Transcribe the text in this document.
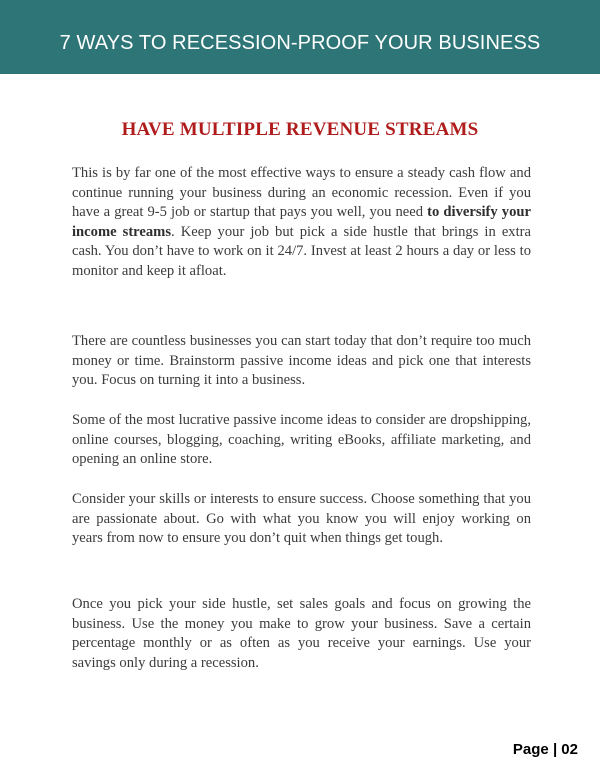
7 WAYS TO RECESSION-PROOF YOUR BUSINESS
HAVE MULTIPLE REVENUE STREAMS

This is by far one of the most effective ways to ensure a steady cash flow and continue running your business during an economic recession. Even if you have a great 9-5 job or startup that pays you well, you need to diversify your income streams. Keep your job but pick a side hustle that brings in extra cash. You don’t have to work on it 24/7. Invest at least 2 hours a day or less to monitor and keep it afloat.

There are countless businesses you can start today that don’t require too much money or time. Brainstorm passive income ideas and pick one that interests you. Focus on turning it into a business.

Some of the most lucrative passive income ideas to consider are dropshipping, online courses, blogging, coaching, writing eBooks, affiliate marketing, and opening an online store.

Consider your skills or interests to ensure success. Choose something that you are passionate about. Go with what you know you will enjoy working on years from now to ensure you don’t quit when things get tough.

Once you pick your side hustle, set sales goals and focus on growing the business. Use the money you make to grow your business. Save a certain percentage monthly or as often as you receive your earnings. Use your savings only during a recession.

Page | 02
